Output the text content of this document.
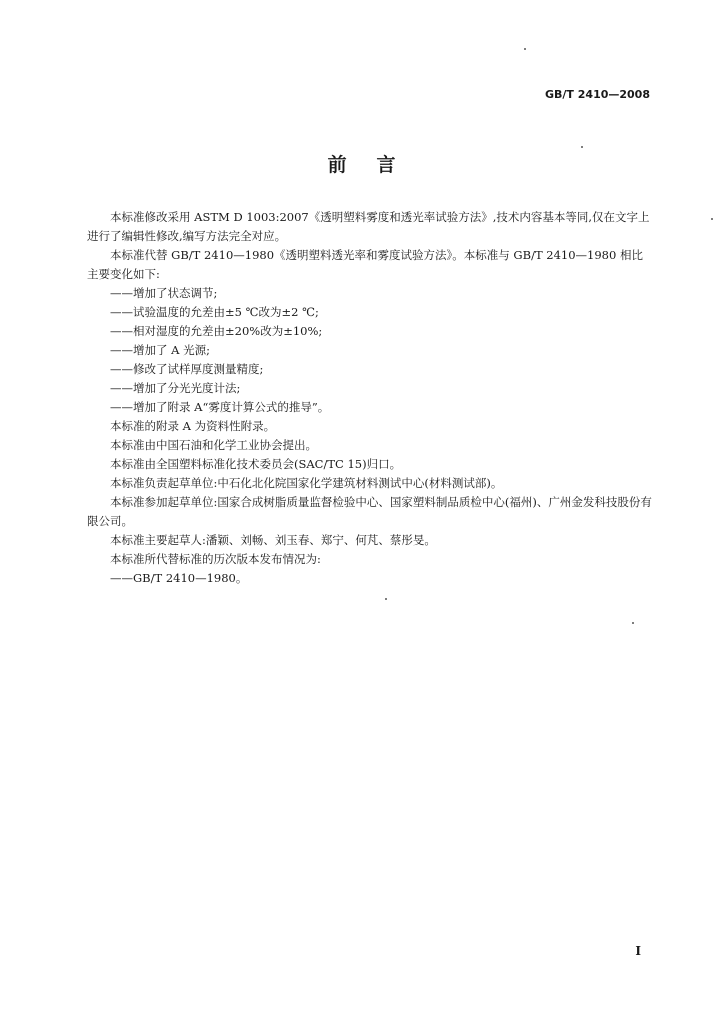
GB/T 2410—2008
前 言

本标准修改采用 ASTM D 1003:2007《透明塑料雾度和透光率试验方法》,技术内容基本等同,仅在文字上进行了编辑性修改,编写方法完全对应。

本标准代替 GB/T 2410—1980《透明塑料透光率和雾度试验方法》。本标准与 GB/T 2410—1980 相比主要变化如下:

——增加了状态调节;

——试验温度的允差由±5 ℃改为±2 ℃;

——相对湿度的允差由±20%改为±10%;

——增加了 A 光源;

——修改了试样厚度测量精度;

——增加了分光光度计法;

——增加了附录 A“雾度计算公式的推导”。

本标准的附录 A 为资料性附录。

本标准由中国石油和化学工业协会提出。

本标准由全国塑料标准化技术委员会(SAC/TC 15)归口。

本标准负责起草单位:中石化北化院国家化学建筑材料测试中心(材料测试部)。

本标准参加起草单位:国家合成树脂质量监督检验中心、国家塑料制品质检中心(福州)、广州金发科技股份有限公司。

本标准主要起草人:潘颖、刘畅、刘玉春、郑宁、何芃、蔡彤旻。

本标准所代替标准的历次版本发布情况为:

——GB/T 2410—1980。

I
